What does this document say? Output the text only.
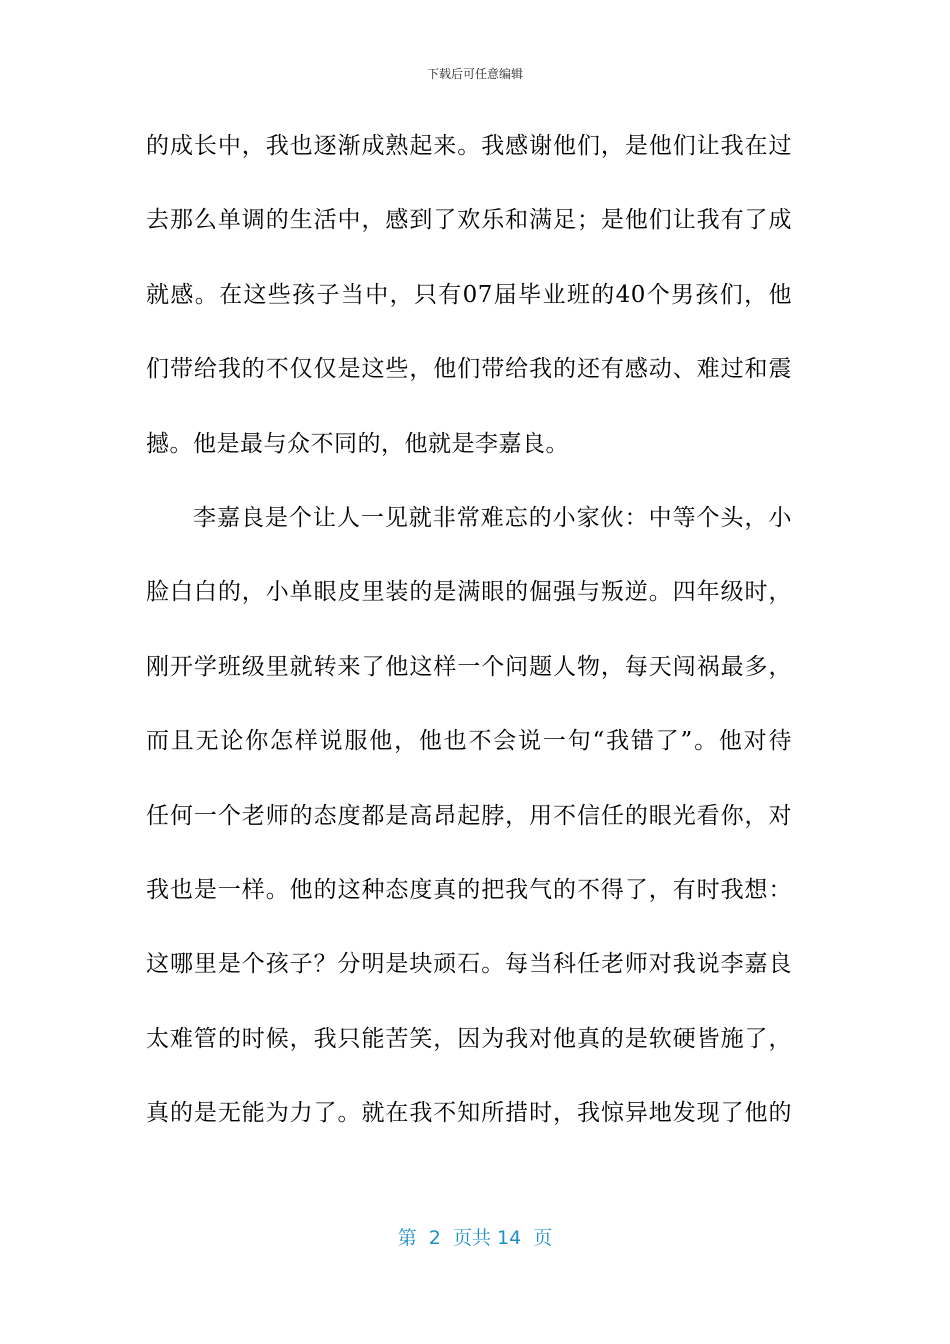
下载后可任意编辑
的成长中，我也逐渐成熟起来。我感谢他们，是他们让我在过
去那么单调的生活中，感到了欢乐和满足；是他们让我有了成
就感。在这些孩子当中，只有07届毕业班的40个男孩们，他
们带给我的不仅仅是这些，他们带给我的还有感动、难过和震
撼。他是最与众不同的，他就是李嘉良。
李嘉良是个让人一见就非常难忘的小家伙：中等个头，小
脸白白的，小单眼皮里装的是满眼的倔强与叛逆。四年级时，
刚开学班级里就转来了他这样一个问题人物，每天闯祸最多，
而且无论你怎样说服他，他也不会说一句“我错了”。他对待
任何一个老师的态度都是高昂起脖，用不信任的眼光看你，对
我也是一样。他的这种态度真的把我气的不得了，有时我想：
这哪里是个孩子？分明是块顽石。每当科任老师对我说李嘉良
太难管的时候，我只能苦笑，因为我对他真的是软硬皆施了，
真的是无能为力了。就在我不知所措时，我惊异地发现了他的
第  2  页共 14  页
